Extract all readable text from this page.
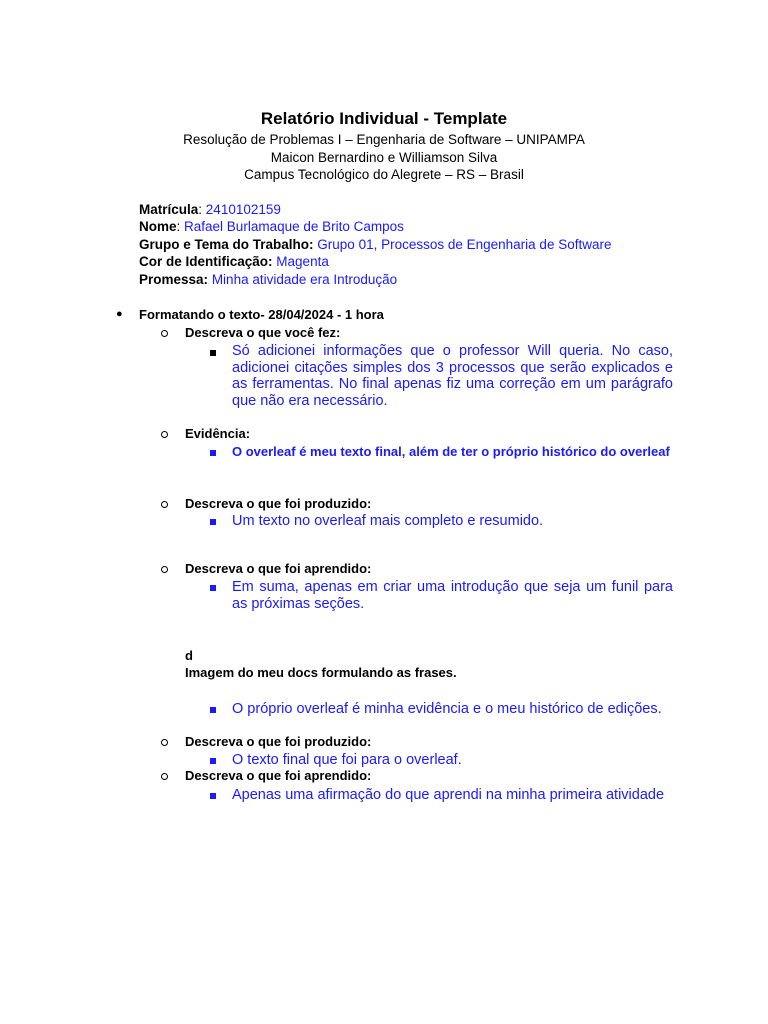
Relatório Individual - Template
Resolução de Problemas I – Engenharia de Software – UNIPAMPA
Maicon Bernardino e Williamson Silva
Campus Tecnológico do Alegrete – RS – Brasil
Matrícula: 2410102159
Nome: Rafael Burlamaque de Brito Campos
Grupo e Tema do Trabalho: Grupo 01, Processos de Engenharia de Software
Cor de Identificação: Magenta
Promessa: Minha atividade era Introdução
● Formatando o texto- 28/04/2024 - 1 hora
Descreva o que você fez:
Só adicionei informações que o professor Will queria. No caso, adicionei citações simples dos 3 processos que serão explicados e as ferramentas. No final apenas fiz uma correção em um parágrafo que não era necessário.
Evidência:
O overleaf é meu texto final, além de ter o próprio histórico do overleaf
Descreva o que foi produzido:
Um texto no overleaf mais completo e resumido.
Descreva o que foi aprendido:
Em suma, apenas em criar uma introdução que seja um funil para as próximas seções.
d
Imagem do meu docs formulando as frases.
O próprio overleaf é minha evidência e o meu histórico de edições.
Descreva o que foi produzido:
O texto final que foi para o overleaf.
Descreva o que foi aprendido:
Apenas uma afirmação do que aprendi na minha primeira atividade
